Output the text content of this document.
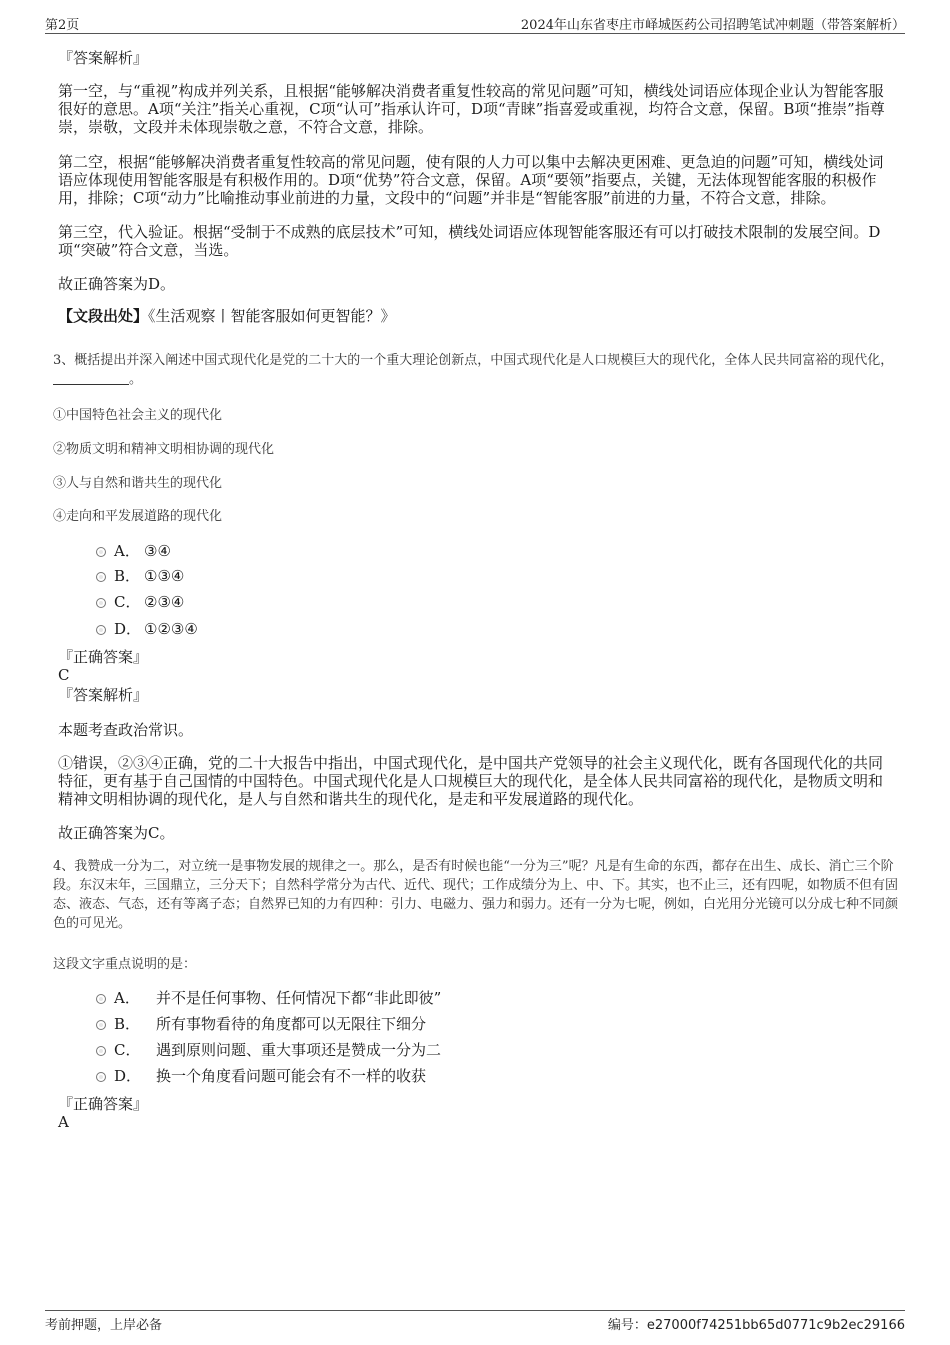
第2页	2024年山东省枣庄市峄城医药公司招聘笔试冲刺题（带答案解析）
『答案解析』
第一空，与“重视”构成并列关系，且根据“能够解决消费者重复性较高的常见问题”可知，横线处词语应体现企业认为智能客服很好的意思。A项“关注”指关心重视，C项“认可”指承认许可，D项“青睐”指喜爱或重视，均符合文意，保留。B项“推崇”指尊崇，崇敬，文段并未体现崇敬之意，不符合文意，排除。
第二空，根据“能够解决消费者重复性较高的常见问题，使有限的人力可以集中去解决更困难、更急迫的问题”可知，横线处词语应体现使用智能客服是有积极作用的。D项“优势”符合文意，保留。A项“要领”指要点，关键，无法体现智能客服的积极作用，排除；C项“动力”比喻推动事业前进的力量，文段中的“问题”并非是“智能客服”前进的力量，不符合文意，排除。
第三空，代入验证。根据“受制于不成熟的底层技术”可知，横线处词语应体现智能客服还有可以打破技术限制的发展空间。D项“突破”符合文意，当选。
故正确答案为D。
【文段出处】《生活观察丨智能客服如何更智能？》
3、概括提出并深入阐述中国式现代化是党的二十大的一个重大理论创新点，中国式现代化是人口规模巨大的现代化，全体人民共同富裕的现代化，。
①中国特色社会主义的现代化
②物质文明和精神文明相协调的现代化
③人与自然和谐共生的现代化
④走向和平发展道路的现代化
A． ③④
B． ①③④
C． ②③④
D． ①②③④
『正确答案』
C
『答案解析』
本题考查政治常识。
①错误，②③④正确，党的二十大报告中指出，中国式现代化，是中国共产党领导的社会主义现代化，既有各国现代化的共同特征，更有基于自己国情的中国特色。中国式现代化是人口规模巨大的现代化，是全体人民共同富裕的现代化，是物质文明和精神文明相协调的现代化，是人与自然和谐共生的现代化，是走和平发展道路的现代化。
故正确答案为C。
4、我赞成一分为二，对立统一是事物发展的规律之一。那么，是否有时候也能“一分为三”呢？凡是有生命的东西，都存在出生、成长、消亡三个阶段。东汉末年，三国鼎立，三分天下；自然科学常分为古代、近代、现代；工作成绩分为上、中、下。其实，也不止三，还有四呢，如物质不但有固态、液态、气态，还有等离子态；自然界已知的力有四种：引力、电磁力、强力和弱力。还有一分为七呢，例如，白光用分光镜可以分成七种不同颜色的可见光。
这段文字重点说明的是：
A． 并不是任何事物、任何情况下都“非此即彼”
B． 所有事物看待的角度都可以无限往下细分
C． 遇到原则问题、重大事项还是赞成一分为二
D． 换一个角度看问题可能会有不一样的收获
『正确答案』
A
考前押题，上岸必备	编号：e27000f74251bb65d0771c9b2ec29166
